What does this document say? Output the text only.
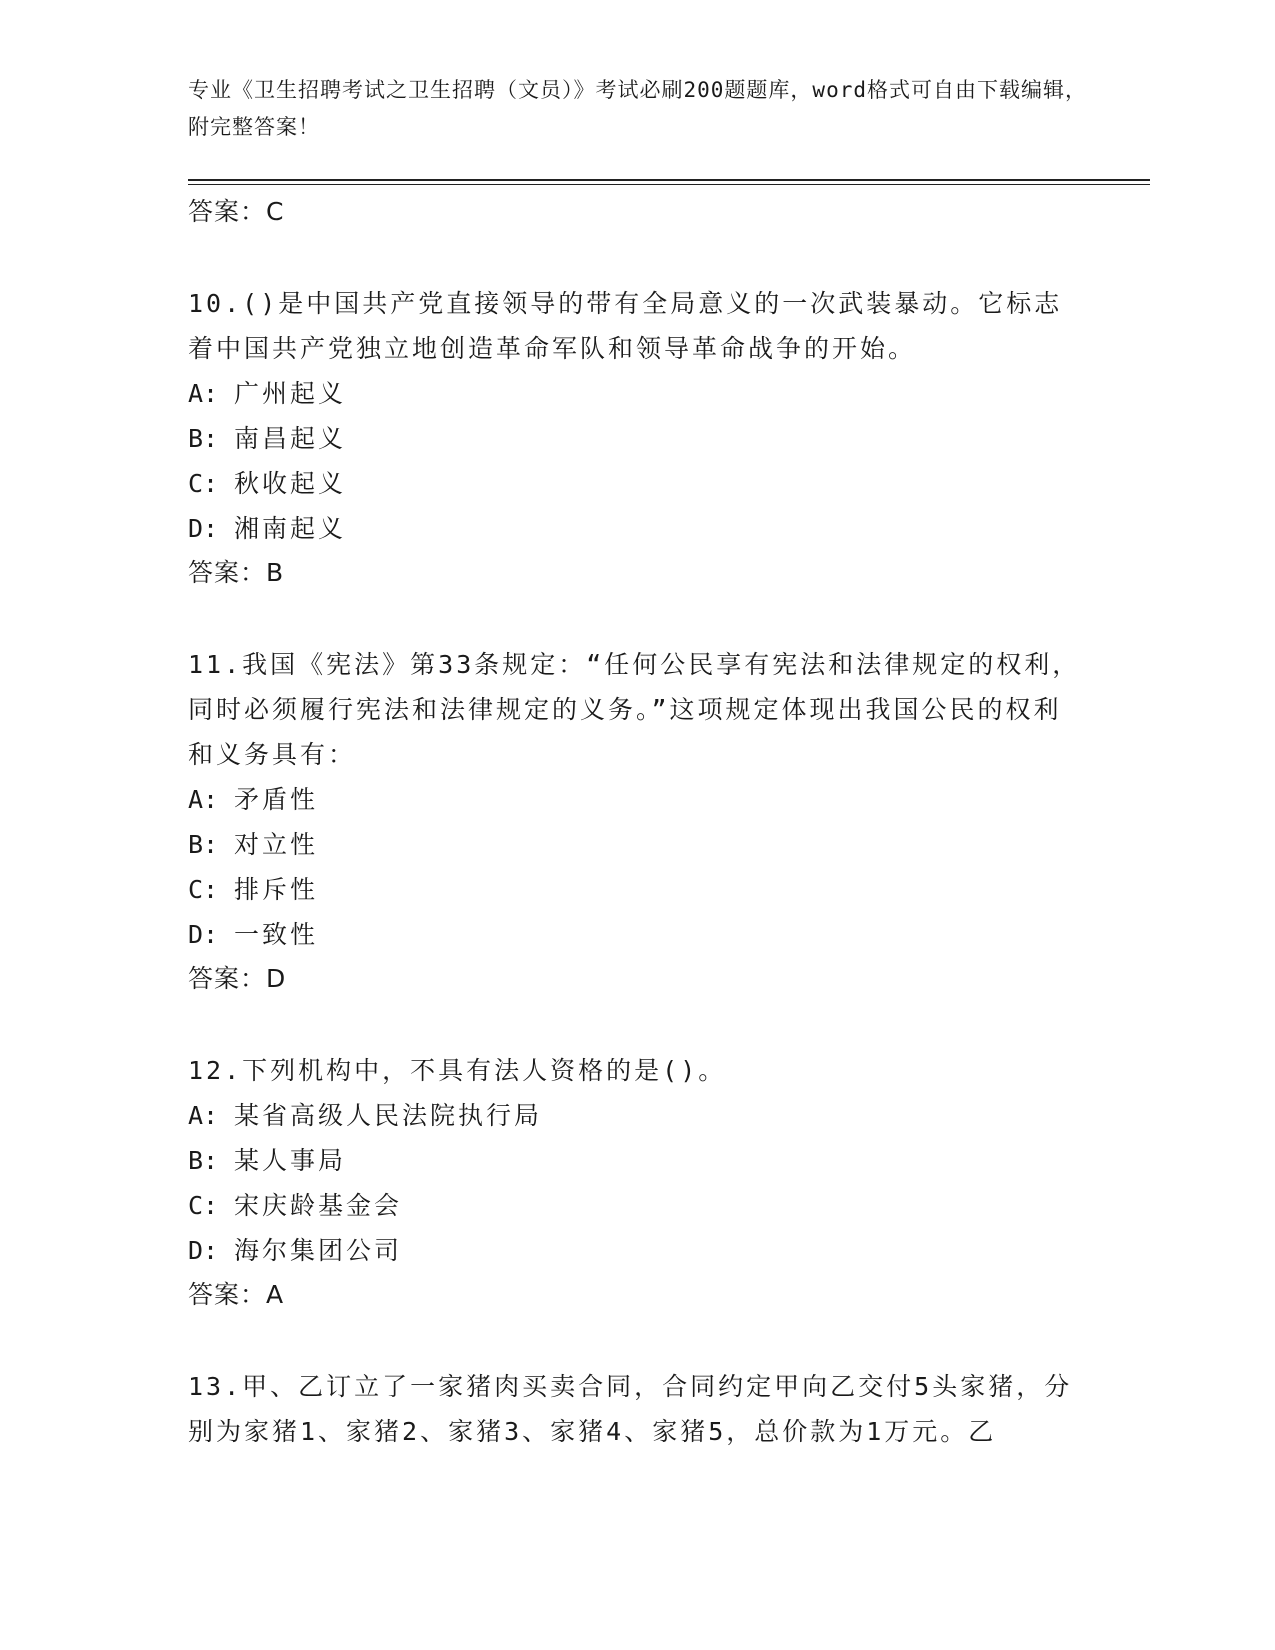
专业《卫生招聘考试之卫生招聘（文员）》考试必刷200题题库，word格式可自由下载编辑，附完整答案！

答案：C

10.()是中国共产党直接领导的带有全局意义的一次武装暴动。它标志着中国共产党独立地创造革命军队和领导革命战争的开始。

A: 广州起义

B: 南昌起义

C: 秋收起义

D: 湘南起义

答案：B

11.我国《宪法》第33条规定：“任何公民享有宪法和法律规定的权利，同时必须履行宪法和法律规定的义务。”这项规定体现出我国公民的权利和义务具有：

A: 矛盾性

B: 对立性

C: 排斥性

D: 一致性

答案：D

12.下列机构中，不具有法人资格的是()。

A: 某省高级人民法院执行局

B: 某人事局

C: 宋庆龄基金会

D: 海尔集团公司

答案：A

13.甲、乙订立了一家猪肉买卖合同，合同约定甲向乙交付5头家猪，分别为家猪1、家猪2、家猪3、家猪4、家猪5，总价款为1万元。乙
